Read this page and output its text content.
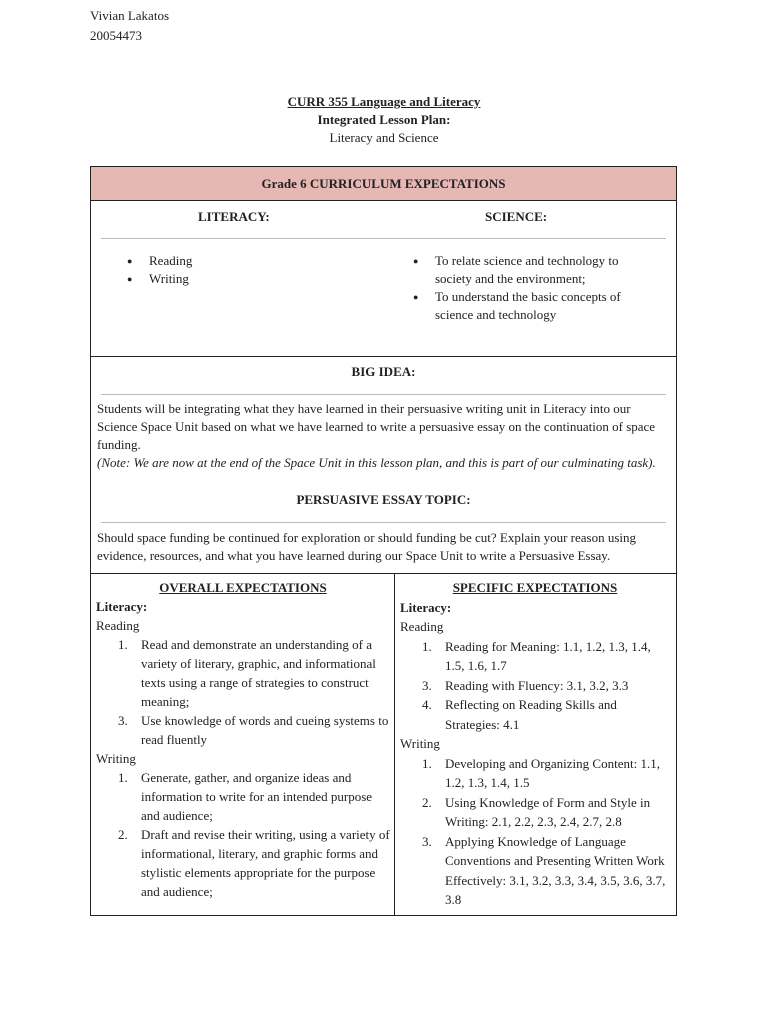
Vivian Lakatos
20054473
CURR 355 Language and Literacy
Integrated Lesson Plan:
Literacy and Science
Grade 6 CURRICULUM EXPECTATIONS
LITERACY:	SCIENCE:
● Reading
● Writing
● To relate science and technology to society and the environment;
● To understand the basic concepts of science and technology
BIG IDEA:
Students will be integrating what they have learned in their persuasive writing unit in Literacy into our Science Space Unit based on what we have learned to write a persuasive essay on the continuation of space funding.
(Note: We are now at the end of the Space Unit in this lesson plan, and this is part of our culminating task).
PERSUASIVE ESSAY TOPIC:
Should space funding be continued for exploration or should funding be cut? Explain your reason using evidence, resources, and what you have learned during our Space Unit to write a Persuasive Essay.
OVERALL EXPECTATIONS
Literacy:
Reading
1. Read and demonstrate an understanding of a variety of literary, graphic, and informational texts using a range of strategies to construct meaning;
3. Use knowledge of words and cueing systems to read fluently
Writing
1. Generate, gather, and organize ideas and information to write for an intended purpose and audience;
2. Draft and revise their writing, using a variety of informational, literary, and graphic forms and stylistic elements appropriate for the purpose and audience;
SPECIFIC EXPECTATIONS
Literacy:
Reading
1. Reading for Meaning: 1.1, 1.2, 1.3, 1.4, 1.5, 1.6, 1.7
3. Reading with Fluency: 3.1, 3.2, 3.3
4. Reflecting on Reading Skills and Strategies: 4.1
Writing
1. Developing and Organizing Content: 1.1, 1.2, 1.3, 1.4, 1.5
2. Using Knowledge of Form and Style in Writing: 2.1, 2.2, 2.3, 2.4, 2.7, 2.8
3. Applying Knowledge of Language Conventions and Presenting Written Work Effectively: 3.1, 3.2, 3.3, 3.4, 3.5, 3.6, 3.7, 3.8
